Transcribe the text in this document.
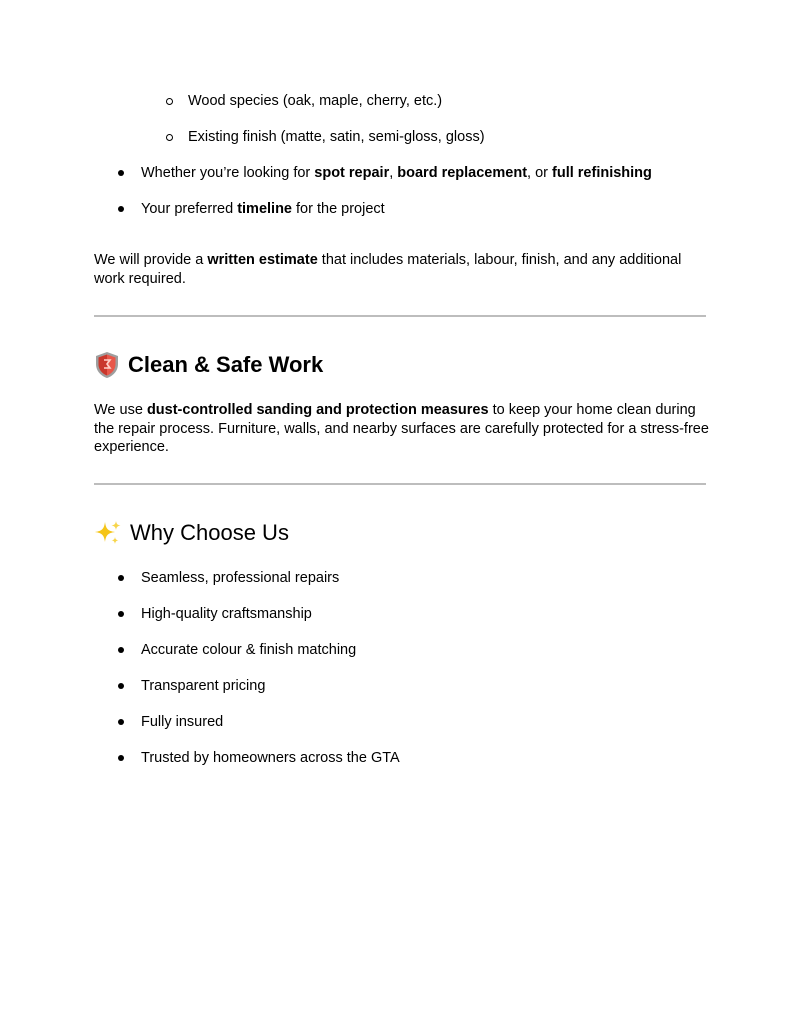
Wood species (oak, maple, cherry, etc.)
Existing finish (matte, satin, semi-gloss, gloss)
Whether you’re looking for spot repair, board replacement, or full refinishing
Your preferred timeline for the project
We will provide a written estimate that includes materials, labour, finish, and any additional
work required.
Clean & Safe Work
We use dust-controlled sanding and protection measures to keep your home clean during
the repair process. Furniture, walls, and nearby surfaces are carefully protected for a stress-free
experience.
Why Choose Us
Seamless, professional repairs
High-quality craftsmanship
Accurate colour & finish matching
Transparent pricing
Fully insured
Trusted by homeowners across the GTA
